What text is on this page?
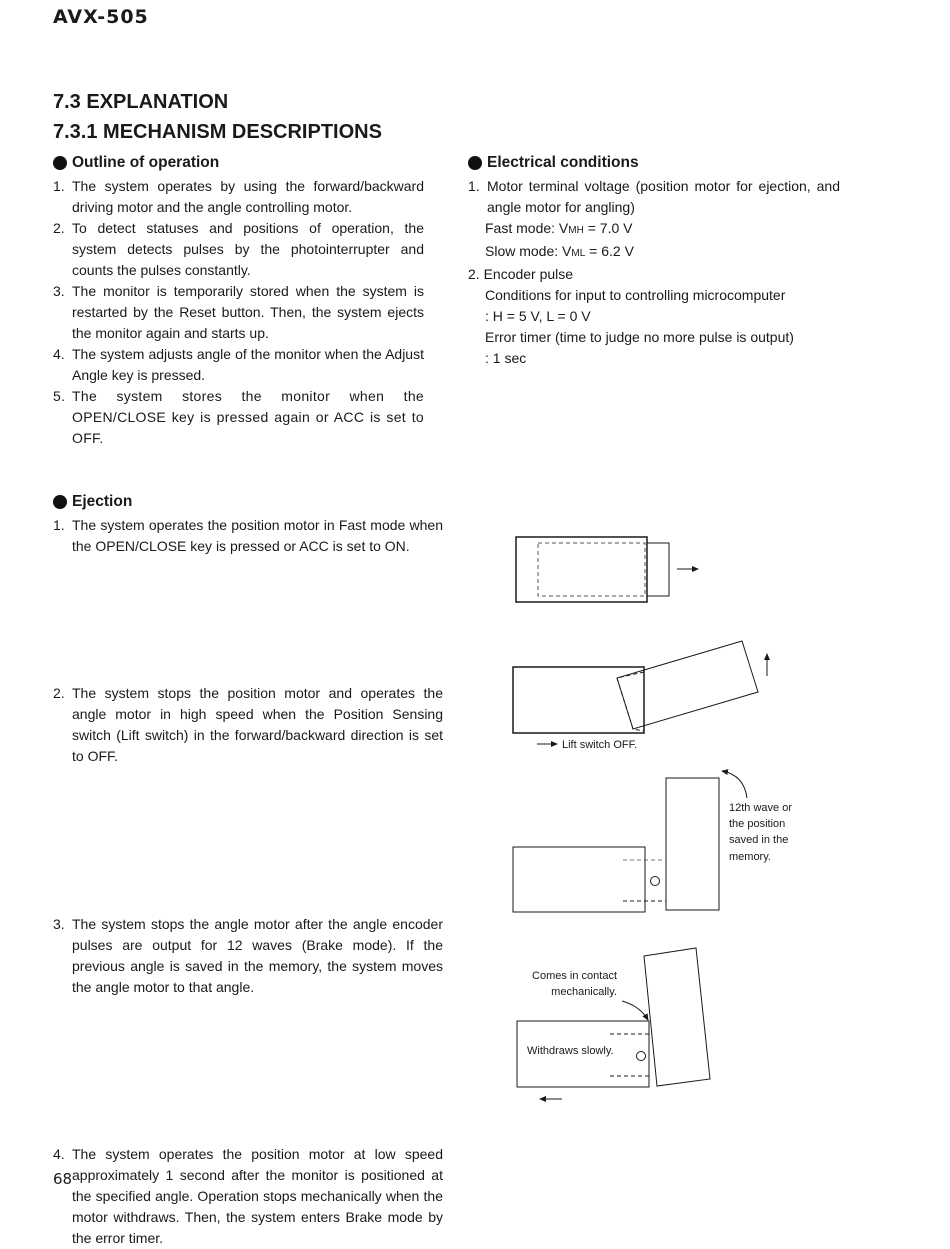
AVX-505
7.3 EXPLANATION
7.3.1 MECHANISM DESCRIPTIONS
Outline of operation
1. The system operates by using the forward/backward driving motor and the angle controlling motor.
2. To detect statuses and positions of operation, the system detects pulses by the photointerrupter and counts the pulses constantly.
3. The monitor is temporarily stored when the system is restarted by the Reset button. Then, the system ejects the monitor again and starts up.
4. The system adjusts angle of the monitor when the Adjust Angle key is pressed.
5. The system stores the monitor when the OPEN/CLOSE key is pressed again or ACC is set to OFF.
Electrical conditions
1. Motor terminal voltage (position motor for ejection, and angle motor for angling)
Fast mode: VMH = 7.0 V
Slow mode: VML = 6.2 V
2. Encoder pulse
Conditions for input to controlling microcomputer
: H = 5 V, L = 0 V
Error timer (time to judge no more pulse is output)
: 1 sec
Ejection
1. The system operates the position motor in Fast mode when the OPEN/CLOSE key is pressed or ACC is set to ON.
2. The system stops the position motor and operates the angle motor in high speed when the Position Sensing switch (Lift switch) in the forward/backward direction is set to OFF.
3. The system stops the angle motor after the angle encoder pulses are output for 12 waves (Brake mode). If the previous angle is saved in the memory, the system moves the angle motor to that angle.
4. The system operates the position motor at low speed approximately 1 second after the monitor is positioned at the specified angle. Operation stops mechanically when the motor withdraws. Then, the system enters Brake mode by the error timer.
Lift switch OFF.
12th wave or
the position
saved in the
memory.
Comes in contact
mechanically.
Withdraws slowly.
68
